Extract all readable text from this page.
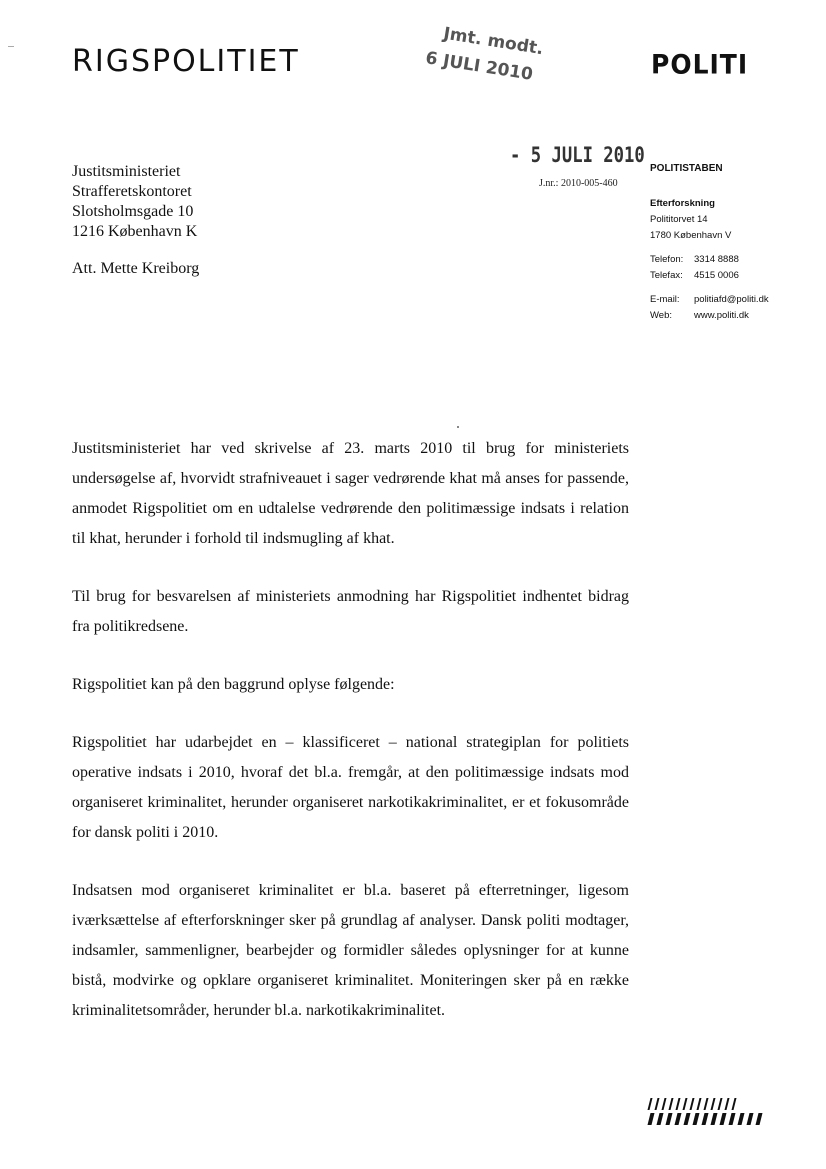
RIGSPOLITIET	POLITI
Jmt. modt.
6 JULI 2010
- 5 JULI 2010
J.nr.: 2010-005-460
Justitsministeriet
Strafferetskontoret
Slotsholmsgade 10
1216 København K
Att. Mette Kreiborg
POLITISTABEN
Efterforskning
Polititorvet 14
1780 København V
Telefon:	3314 8888
Telefax:	4515 0006
E-mail:	politiafd@politi.dk
Web:	www.politi.dk

Justitsministeriet har ved skrivelse af 23. marts 2010 til brug for ministeriets undersøgelse af, hvorvidt strafniveauet i sager vedrørende khat må anses for passende, anmodet Rigspolitiet om en udtalelse vedrørende den politimæssige indsats i relation til khat, herunder i forhold til indsmugling af khat.

Til brug for besvarelsen af ministeriets anmodning har Rigspolitiet indhentet bidrag fra politikredsene.

Rigspolitiet kan på den baggrund oplyse følgende:

Rigspolitiet har udarbejdet en – klassificeret – national strategiplan for politiets operative indsats i 2010, hvoraf det bl.a. fremgår, at den politimæssige indsats mod organiseret kriminalitet, herunder organiseret narkotikakriminalitet, er et fokusområde for dansk politi i 2010.

Indsatsen mod organiseret kriminalitet er bl.a. baseret på efterretninger, ligesom iværksættelse af efterforskninger sker på grundlag af analyser. Dansk politi modtager, indsamler, sammenligner, bearbejder og formidler således oplysninger for at kunne bistå, modvirke og opklare organiseret kriminalitet. Moniteringen sker på en række kriminalitetsområder, herunder bl.a. narkotikakriminalitet.
